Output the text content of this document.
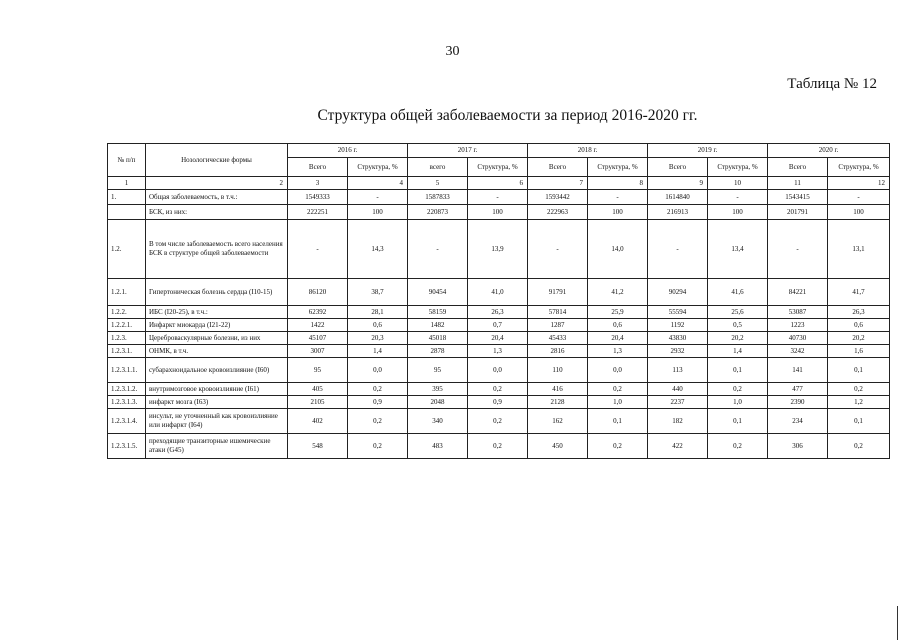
30
Таблица № 12
Структура общей заболеваемости за период 2016-2020 гг.
№ п/п	Нозологические формы	2016 г.		2017 г.		2018 г.		2019 г.		2020 г.	
		Всего	Структура, %	всего	Структура, %	Всего	Структура, %	Всего	Структура, %	Всего	Структура, %
1	2	3	4	5	6	7	8	9	10	11	12
1.	Общая заболеваемость, в т.ч.:	1549333	-	1587833	-	1593442	-	1614840	-	1543415	-
	БСК, из них:	222251	100	220873	100	222963	100	216913	100	201791	100
1.2.	В том числе заболеваемость всего населения БСК в структуре общей заболеваемости	-	14,3	-	13,9	-	14,0	-	13,4	-	13,1
1.2.1.	Гипертоническая болезнь сердца (I10-15)	86120	38,7	90454	41,0	91791	41,2	90294	41,6	84221	41,7
1.2.2.	ИБС (I20-25), в т.ч.:	62392	28,1	58159	26,3	57814	25,9	55594	25,6	53087	26,3
1.2.2.1.	Инфаркт миокарда (I21-22)	1422	0,6	1482	0,7	1287	0,6	1192	0,5	1223	0,6
1.2.3.	Цереброваскулярные болезни, из них	45107	20,3	45018	20,4	45433	20,4	43830	20,2	40730	20,2
1.2.3.1.	ОНМК, в т.ч.	3007	1,4	2878	1,3	2816	1,3	2932	1,4	3242	1,6
1.2.3.1.1.	субарахноидальное кровоизлияние (I60)	95	0,0	95	0,0	110	0,0	113	0,1	141	0,1
1.2.3.1.2.	внутримозговое кровоизлияние (I61)	405	0,2	395	0,2	416	0,2	440	0,2	477	0,2
1.2.3.1.3.	инфаркт мозга (I63)	2105	0,9	2048	0,9	2128	1,0	2237	1,0	2390	1,2
1.2.3.1.4.	инсульт, не уточненный как кровоизлияние или инфаркт (I64)	402	0,2	340	0,2	162	0,1	182	0,1	234	0,1
1.2.3.1.5.	преходящие транзиторные ишемические атаки (G45)	548	0,2	483	0,2	450	0,2	422	0,2	306	0,2
